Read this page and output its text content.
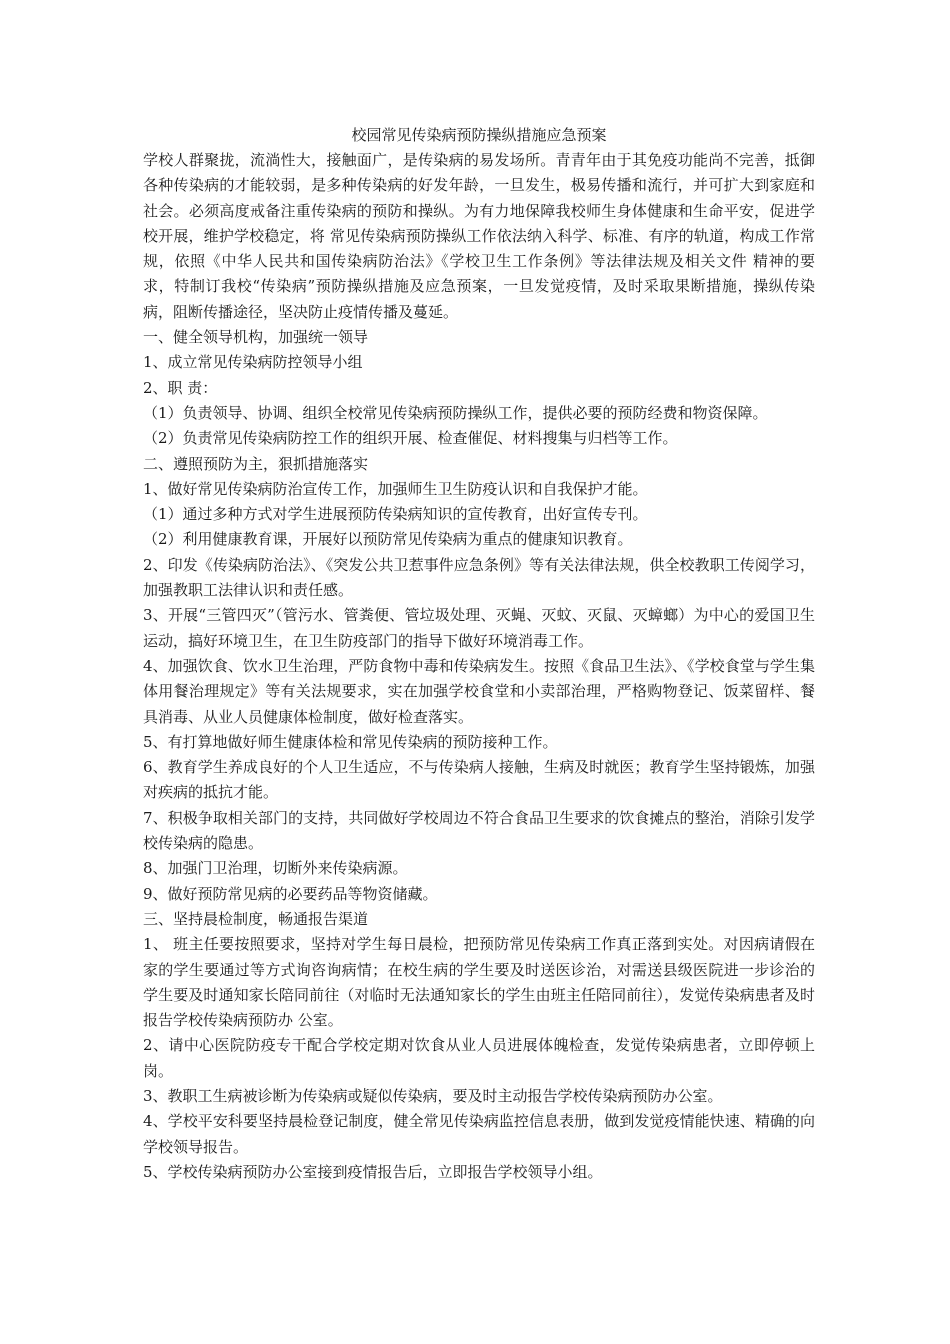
校园常见传染病预防操纵措施应急预案

学校人群聚拢，流淌性大，接触面广，是传染病的易发场所。青青年由于其免疫功能尚不完善，抵御各种传染病的才能较弱，是多种传染病的好发年龄，一旦发生，极易传播和流行，并可扩大到家庭和社会。必须高度戒备注重传染病的预防和操纵。为有力地保障我校师生身体健康和生命平安，促进学校开展，维护学校稳定，将 常见传染病预防操纵工作依法纳入科学、标准、有序的轨道，构成工作常规，依照《中华人民共和国传染病防治法》《学校卫生工作条例》等法律法规及相关文件 精神的要求，特制订我校“传染病”预防操纵措施及应急预案，一旦发觉疫情，及时采取果断措施，操纵传染病，阻断传播途径，坚决防止疫情传播及蔓延。

一、健全领导机构，加强统一领导

1、成立常见传染病防控领导小组

2、职 责：

（1）负责领导、协调、组织全校常见传染病预防操纵工作，提供必要的预防经费和物资保障。

（2）负责常见传染病防控工作的组织开展、检查催促、材料搜集与归档等工作。

二、遵照预防为主，狠抓措施落实

1、做好常见传染病防治宣传工作，加强师生卫生防疫认识和自我保护才能。

（1）通过多种方式对学生进展预防传染病知识的宣传教育，出好宣传专刊。

（2）利用健康教育课，开展好以预防常见传染病为重点的健康知识教育。

2、印发《传染病防治法》、《突发公共卫惹事件应急条例》等有关法律法规，供全校教职工传阅学习，加强教职工法律认识和责任感。

3、开展“三管四灭”（管污水、管粪便、管垃圾处理、灭蝇、灭蚊、灭鼠、灭蟑螂）为中心的爱国卫生运动，搞好环境卫生，在卫生防疫部门的指导下做好环境消毒工作。

4、加强饮食、饮水卫生治理，严防食物中毒和传染病发生。按照《食品卫生法》、《学校食堂与学生集体用餐治理规定》等有关法规要求，实在加强学校食堂和小卖部治理，严格购物登记、饭菜留样、餐具消毒、从业人员健康体检制度，做好检查落实。

5、有打算地做好师生健康体检和常见传染病的预防接种工作。

6、教育学生养成良好的个人卫生适应，不与传染病人接触，生病及时就医；教育学生坚持锻炼，加强对疾病的抵抗才能。

7、积极争取相关部门的支持，共同做好学校周边不符合食品卫生要求的饮食摊点的整治，消除引发学校传染病的隐患。

8、加强门卫治理，切断外来传染病源。

9、做好预防常见病的必要药品等物资储藏。

三、坚持晨检制度，畅通报告渠道

1、 班主任要按照要求，坚持对学生每日晨检，把预防常见传染病工作真正落到实处。对因病请假在家的学生要通过等方式询咨询病情；在校生病的学生要及时送医诊治，对需送县级医院进一步诊治的学生要及时通知家长陪同前往（对临时无法通知家长的学生由班主任陪同前往），发觉传染病患者及时报告学校传染病预防办 公室。

2、请中心医院防疫专干配合学校定期对饮食从业人员进展体魄检查，发觉传染病患者，立即停顿上岗。

3、教职工生病被诊断为传染病或疑似传染病，要及时主动报告学校传染病预防办公室。

4、学校平安科要坚持晨检登记制度，健全常见传染病监控信息表册，做到发觉疫情能快速、精确的向学校领导报告。

5、学校传染病预防办公室接到疫情报告后，立即报告学校领导小组。
